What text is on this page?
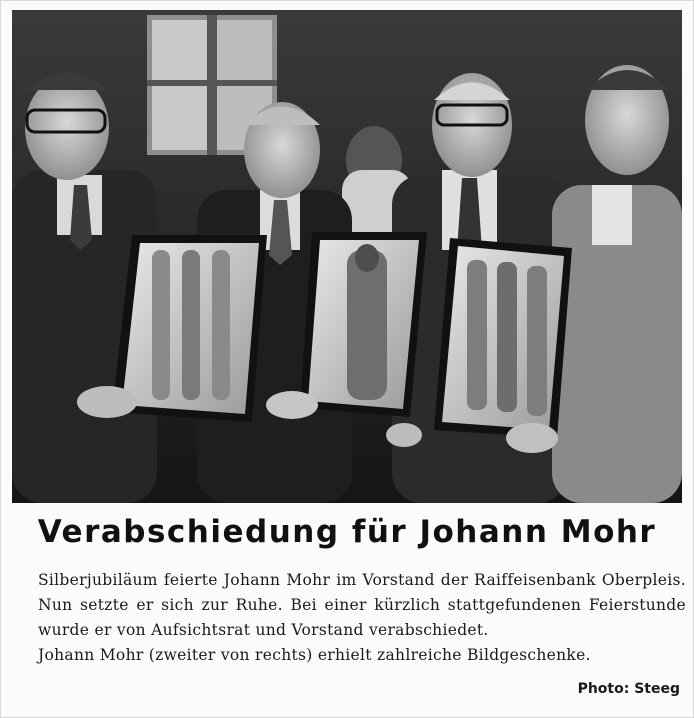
Verabschiedung für Johann Mohr

Silberjubiläum feierte Johann Mohr im Vorstand der Raiffeisenbank Oberpleis. Nun setzte er sich zur Ruhe. Bei einer kürzlich stattgefundenen Feierstunde wurde er von Aufsichtsrat und Vorstand verabschiedet.

Johann Mohr (zweiter von rechts) erhielt zahlreiche Bildgeschenke.

Photo: Steeg
